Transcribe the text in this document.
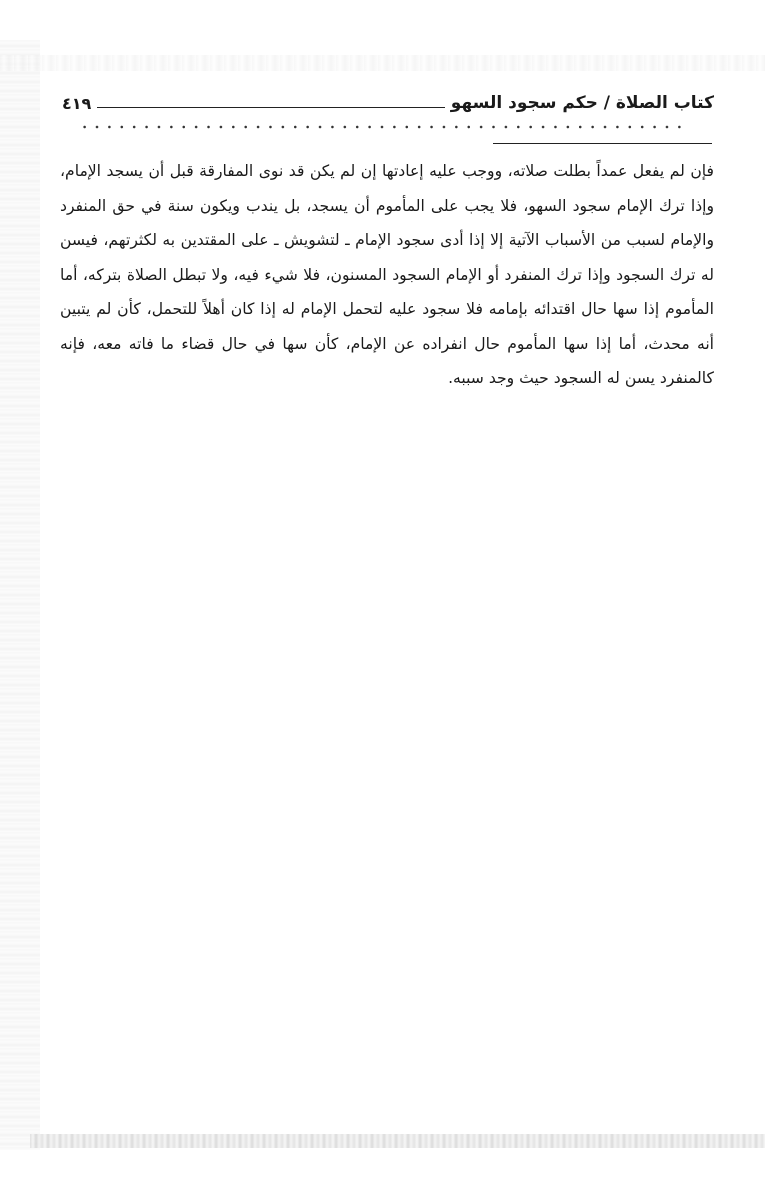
كتاب الصلاة / حكم سجود السهو
٤١٩

فإن لم يفعل عمداً بطلت صلاته، ووجب عليه إعادتها إن لم يكن قد نوى المفارقة قبل أن يسجد الإمام، وإذا ترك الإمام سجود السهو، فلا يجب على المأموم أن يسجد، بل يندب ويكون سنة في حق المنفرد والإمام لسبب من الأسباب الآتية إلا إذا أدى سجود الإمام ـ لتشويش ـ على المقتدين به لكثرتهم، فيسن له ترك السجود وإذا ترك المنفرد أو الإمام السجود المسنون، فلا شيء فيه، ولا تبطل الصلاة بتركه، أما المأموم إذا سها حال اقتدائه بإمامه فلا سجود عليه لتحمل الإمام له إذا كان أهلاً للتحمل، كأن لم يتبين أنه محدث، أما إذا سها المأموم حال انفراده عن الإمام، كأن سها في حال قضاء ما فاته معه، فإنه كالمنفرد يسن له السجود حيث وجد سببه.
